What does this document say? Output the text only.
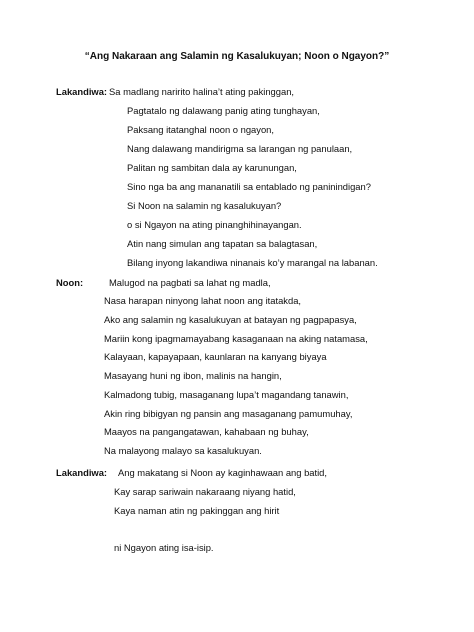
“Ang Nakaraan ang Salamin ng Kasalukuyan; Noon o Ngayon?”
Lakandiwa: Sa madlang naririto halina’t ating pakinggan,
Pagtatalo ng dalawang panig ating tunghayan,
Paksang itatanghal noon o ngayon,
Nang dalawang mandirigma sa larangan ng panulaan,
Palitan ng sambitan dala ay karunungan,
Sino nga ba ang mananatili sa entablado ng paninindigan?
Si Noon na salamin ng kasalukuyan?
o si Ngayon na ating pinanghihinayangan.
Atin nang simulan ang tapatan sa balagtasan,
Bilang inyong lakandiwa ninanais ko’y marangal na labanan.
Noon:	Malugod na pagbati sa lahat ng madla,
Nasa harapan ninyong lahat noon ang itatakda,
Ako ang salamin ng kasalukuyan at batayan ng pagpapasya,
Mariin kong ipagmamayabang kasaganaan na aking natamasa,
Kalayaan, kapayapaan, kaunlaran na kanyang biyaya
Masayang huni ng ibon, malinis na hangin,
Kalmadong tubig, masaganang lupa’t magandang tanawin,
Akin ring bibigyan ng pansin ang masaganang pamumuhay,
Maayos na pangangatawan, kahabaan ng buhay,
Na malayong malayo sa kasalukuyan.
Lakandiwa: Ang makatang si Noon ay kaginhawaan ang batid,
Kay sarap sariwain nakaraang niyang hatid,
Kaya naman atin ng pakinggan ang hirit
ni Ngayon ating isa-isip.
